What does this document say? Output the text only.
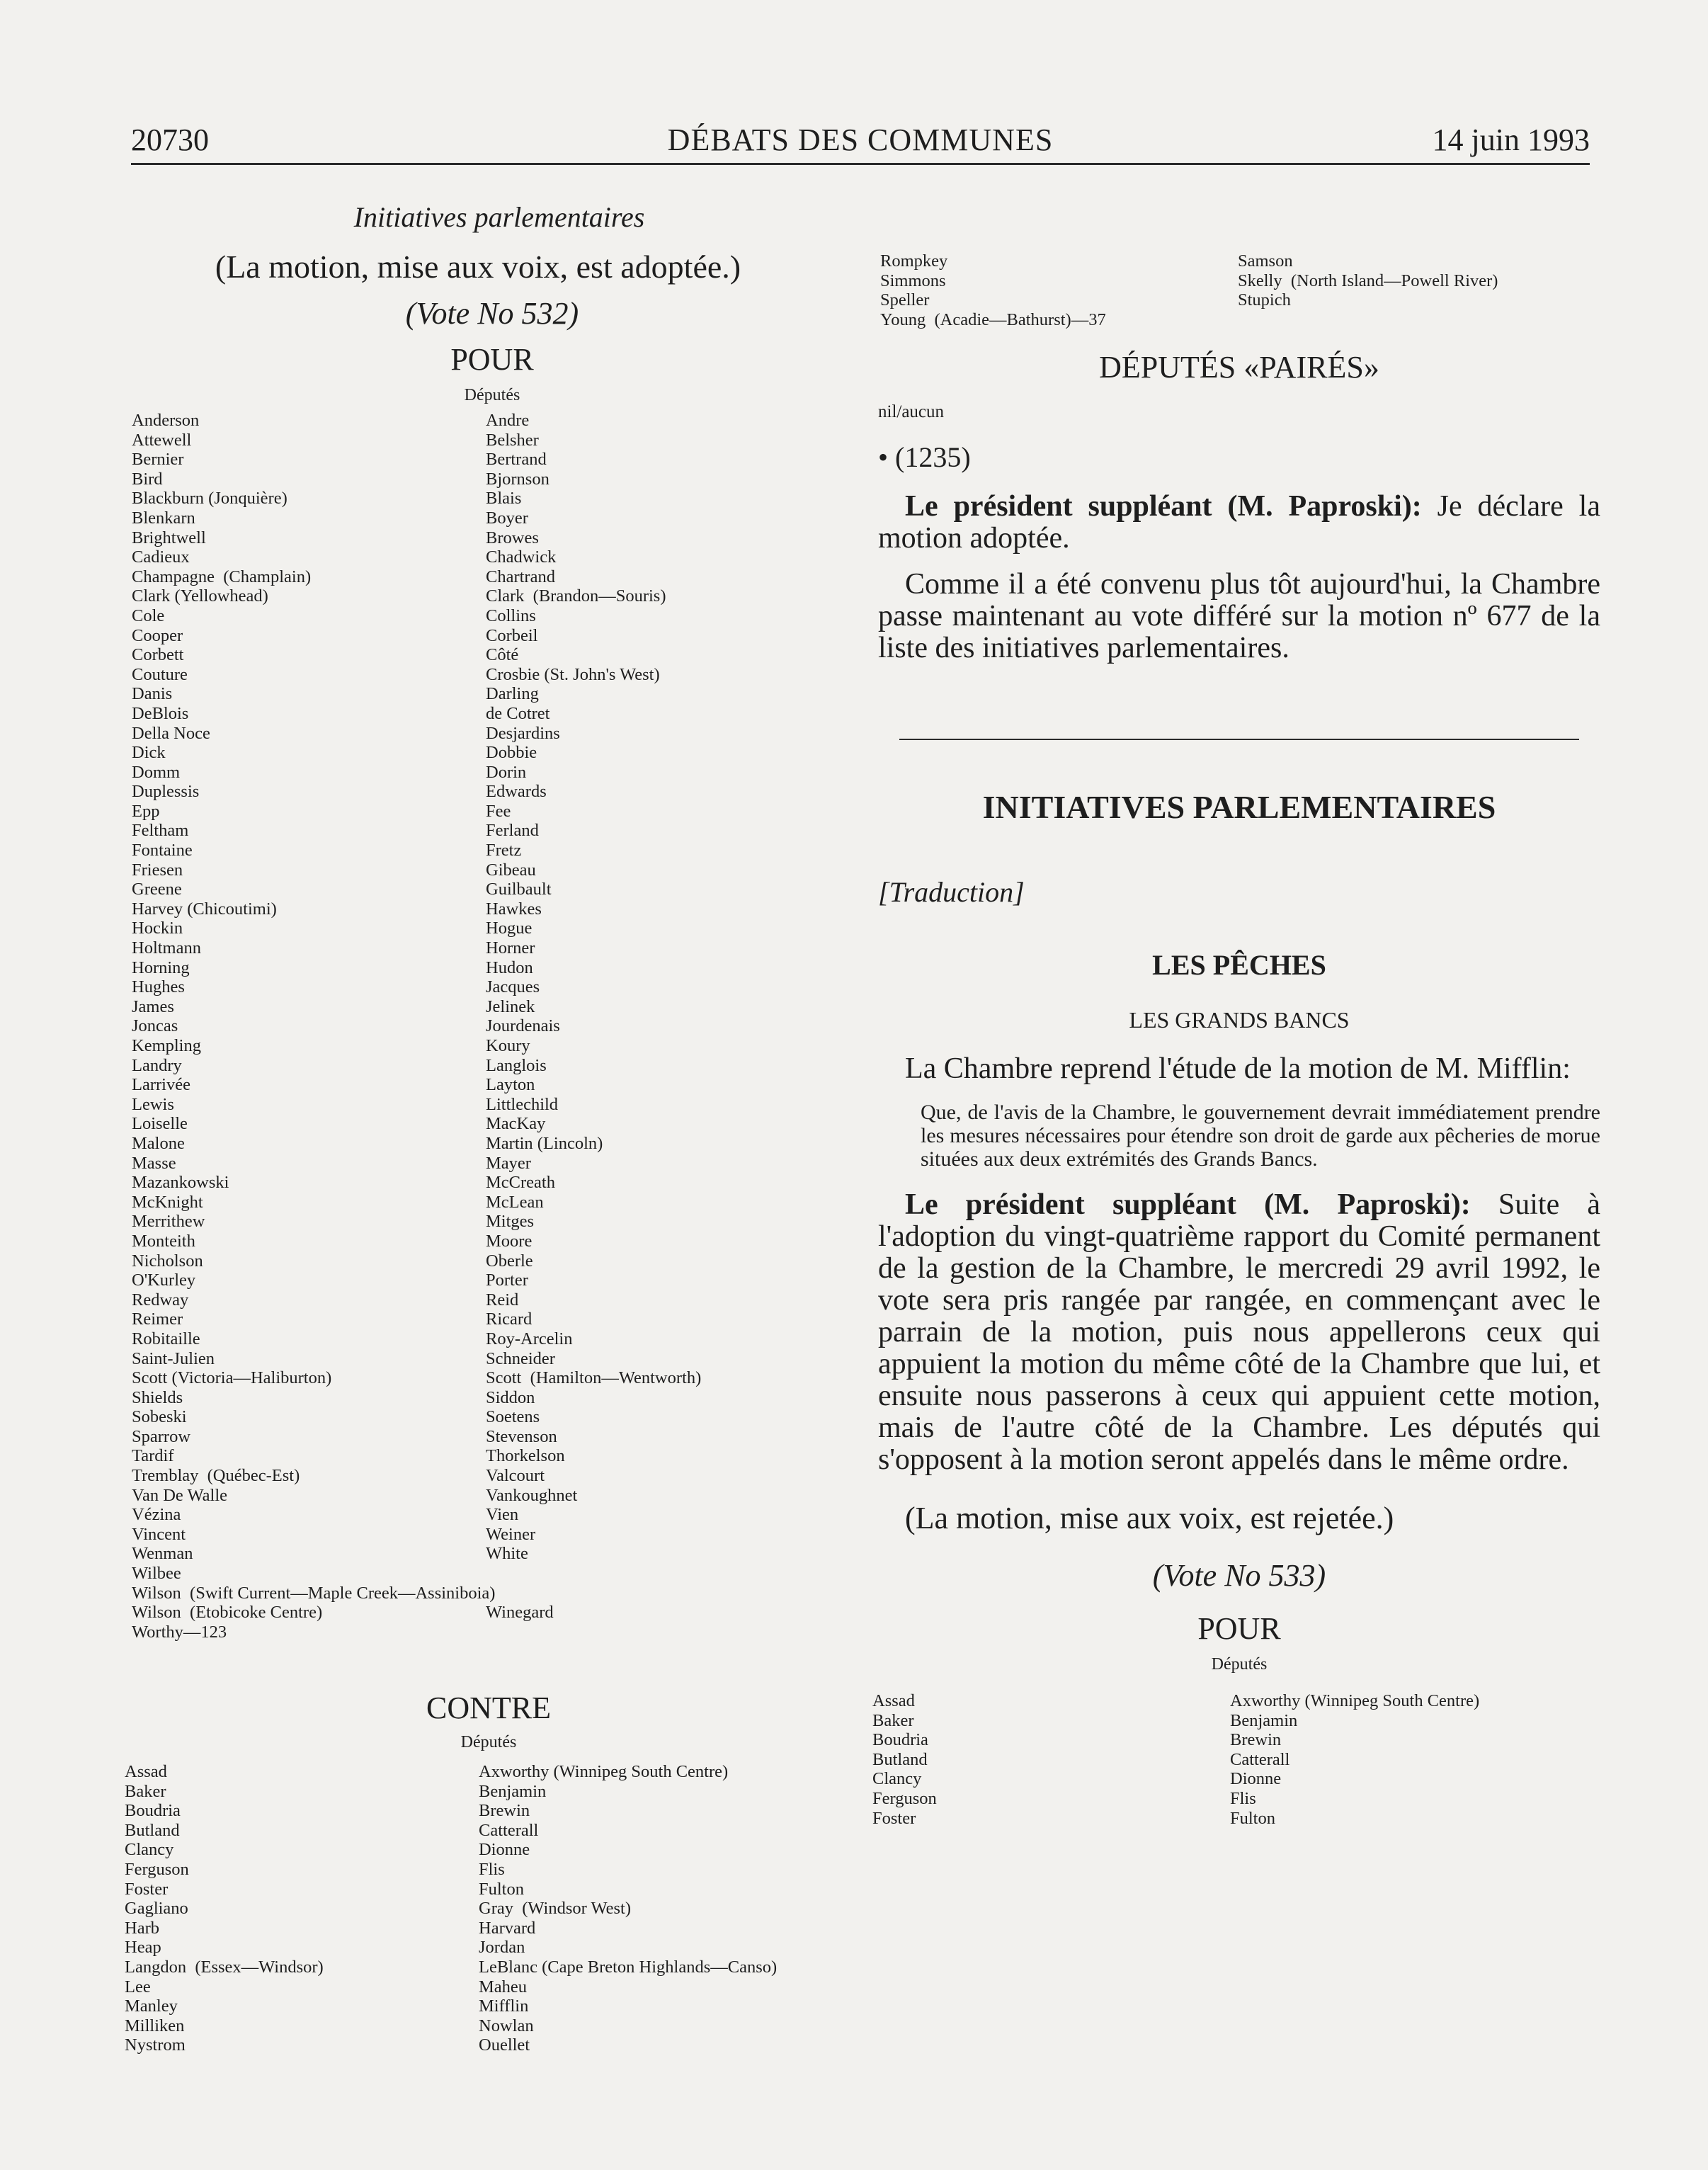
20730	DÉBATS DES COMMUNES	14 juin 1993
Initiatives parlementaires
(La motion, mise aux voix, est adoptée.)
(Vote No 532)
POUR
Députés
Anderson
Attewell
Bernier
Bird
Blackburn (Jonquière)
Blenkarn
Brightwell
Cadieux
Champagne  (Champlain)
Clark (Yellowhead)
Cole
Cooper
Corbett
Couture
Danis
DeBlois
Della Noce
Dick
Domm
Duplessis
Epp
Feltham
Fontaine
Friesen
Greene
Harvey (Chicoutimi)
Hockin
Holtmann
Horning
Hughes
James
Joncas
Kempling
Landry
Larrivée
Lewis
Loiselle
Malone
Masse
Mazankowski
McKnight
Merrithew
Monteith
Nicholson
O'Kurley
Redway
Reimer
Robitaille
Saint-Julien
Scott (Victoria—Haliburton)
Shields
Sobeski
Sparrow
Tardif
Tremblay  (Québec-Est)
Van De Walle
Vézina
Vincent
Wenman
Wilbee
Wilson  (Swift Current—Maple Creek—Assiniboia)
Wilson  (Etobicoke Centre)
Worthy—123
Andre
Belsher
Bertrand
Bjornson
Blais
Boyer
Browes
Chadwick
Chartrand
Clark  (Brandon—Souris)
Collins
Corbeil
Côté
Crosbie (St. John's West)
Darling
de Cotret
Desjardins
Dobbie
Dorin
Edwards
Fee
Ferland
Fretz
Gibeau
Guilbault
Hawkes
Hogue
Horner
Hudon
Jacques
Jelinek
Jourdenais
Koury
Langlois
Layton
Littlechild
MacKay
Martin (Lincoln)
Mayer
McCreath
McLean
Mitges
Moore
Oberle
Porter
Reid
Ricard
Roy-Arcelin
Schneider
Scott  (Hamilton—Wentworth)
Siddon
Soetens
Stevenson
Thorkelson
Valcourt
Vankoughnet
Vien
Weiner
White
Winegard
CONTRE
Députés
Assad
Baker
Boudria
Butland
Clancy
Ferguson
Foster
Gagliano
Harb
Heap
Langdon  (Essex—Windsor)
Lee
Manley
Milliken
Nystrom
Axworthy (Winnipeg South Centre)
Benjamin
Brewin
Catterall
Dionne
Flis
Fulton
Gray  (Windsor West)
Harvard
Jordan
LeBlanc (Cape Breton Highlands—Canso)
Maheu
Mifflin
Nowlan
Ouellet
Rompkey
Simmons
Speller
Young  (Acadie—Bathurst)—37
Samson
Skelly  (North Island—Powell River)
Stupich
DÉPUTÉS «PAIRÉS»
nil/aucun
• (1235)
Le président suppléant (M. Paproski): Je déclare la motion adoptée.
Comme il a été convenu plus tôt aujourd'hui, la Chambre passe maintenant au vote différé sur la motion nº 677 de la liste des initiatives parlementaires.
INITIATIVES PARLEMENTAIRES
[Traduction]
LES PÊCHES
LES GRANDS BANCS
La Chambre reprend l'étude de la motion de M. Mifflin:
Que, de l'avis de la Chambre, le gouvernement devrait immédiatement prendre les mesures nécessaires pour étendre son droit de garde aux pêcheries de morue situées aux deux extrémités des Grands Bancs.
Le président suppléant (M. Paproski): Suite à l'adoption du vingt-quatrième rapport du Comité permanent de la gestion de la Chambre, le mercredi 29 avril 1992, le vote sera pris rangée par rangée, en commençant avec le parrain de la motion, puis nous appellerons ceux qui appuient la motion du même côté de la Chambre que lui, et ensuite nous passerons à ceux qui appuient cette motion, mais de l'autre côté de la Chambre. Les députés qui s'opposent à la motion seront appelés dans le même ordre.
(La motion, mise aux voix, est rejetée.)
(Vote No 533)
POUR
Députés
Assad
Baker
Boudria
Butland
Clancy
Ferguson
Foster
Axworthy (Winnipeg South Centre)
Benjamin
Brewin
Catterall
Dionne
Flis
Fulton
